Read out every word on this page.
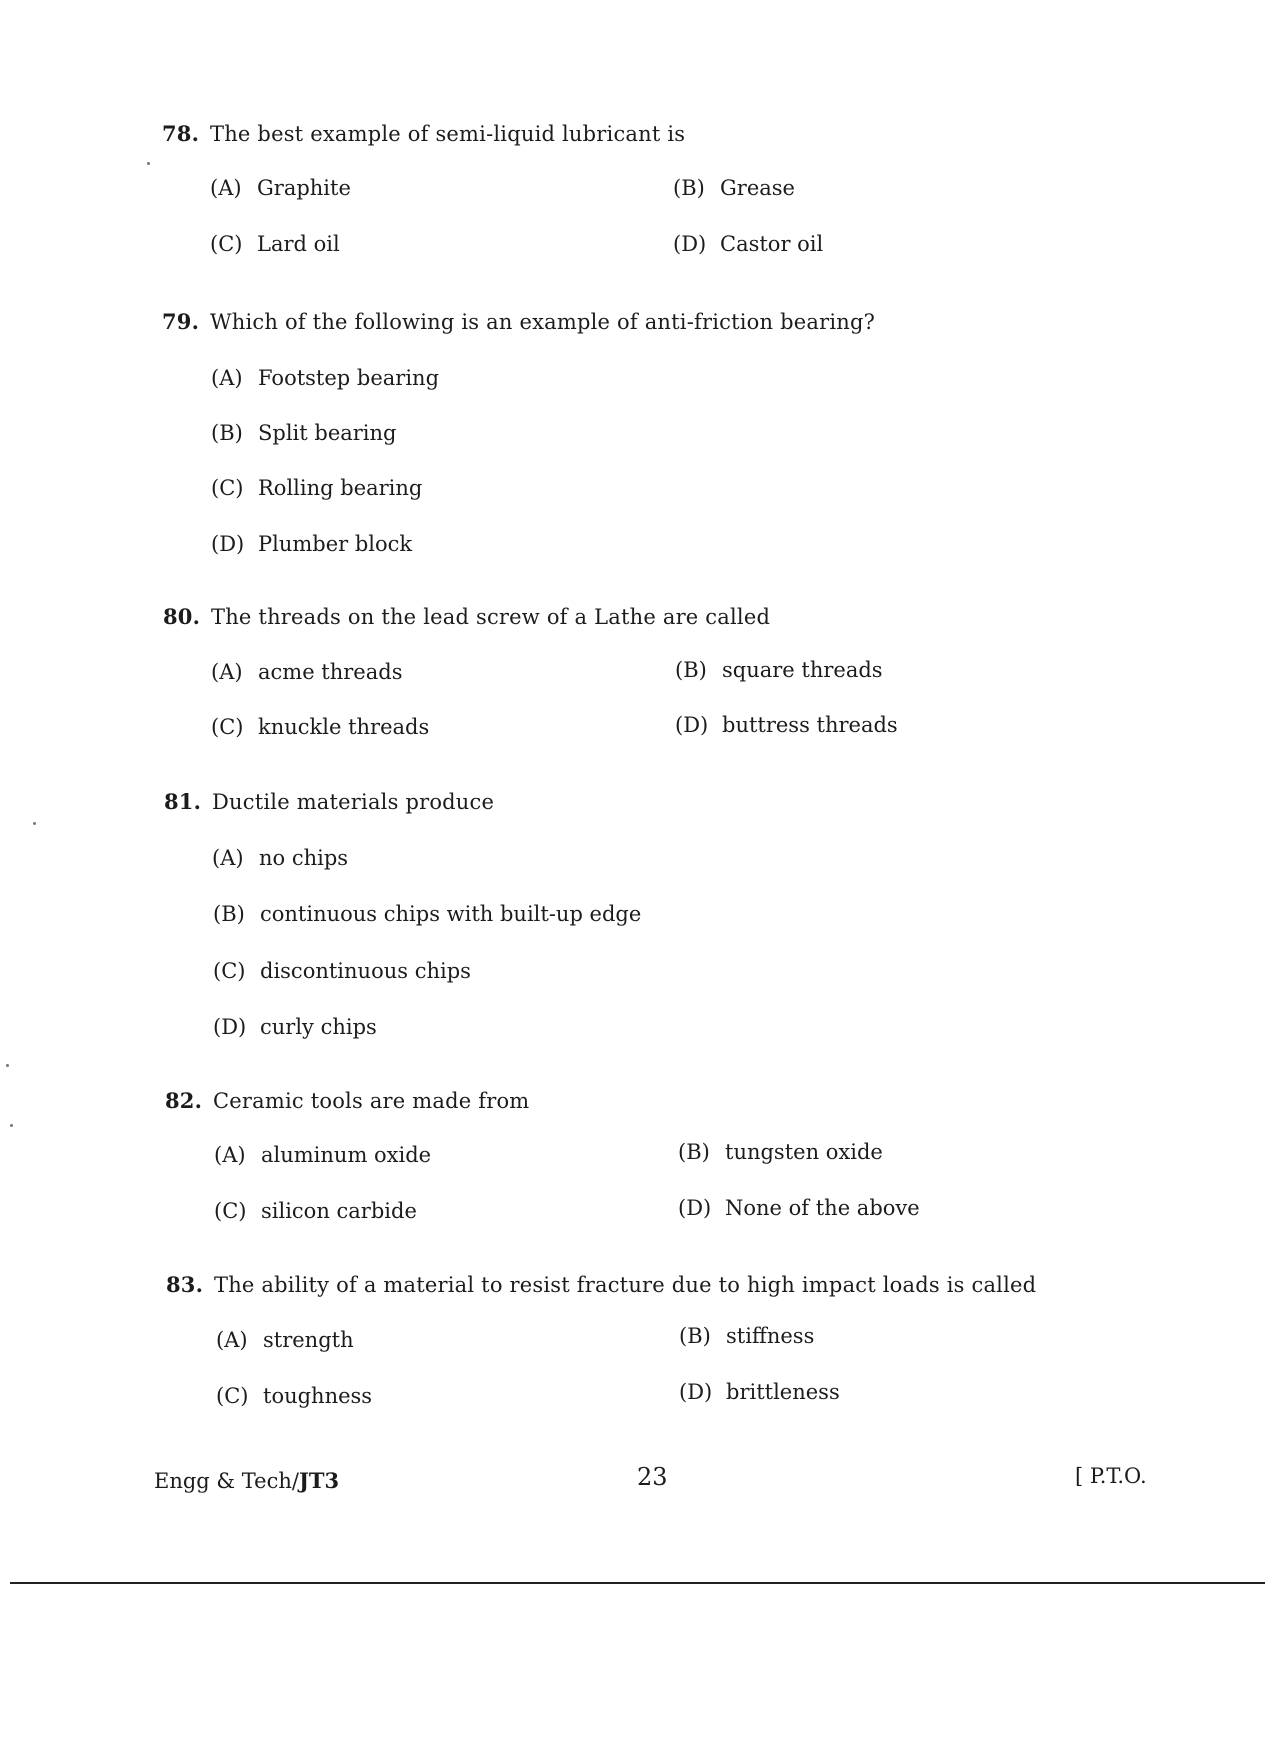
78. The best example of semi-liquid lubricant is
(A) Graphite	(B) Grease
(C) Lard oil	(D) Castor oil
79. Which of the following is an example of anti-friction bearing?
(A) Footstep bearing
(B) Split bearing
(C) Rolling bearing
(D) Plumber block
80. The threads on the lead screw of a Lathe are called
(A) acme threads	(B) square threads
(C) knuckle threads	(D) buttress threads
81. Ductile materials produce
(A) no chips
(B) continuous chips with built-up edge
(C) discontinuous chips
(D) curly chips
82. Ceramic tools are made from
(A) aluminum oxide	(B) tungsten oxide
(C) silicon carbide	(D) None of the above
83. The ability of a material to resist fracture due to high impact loads is called
(A) strength	(B) stiffness
(C) toughness	(D) brittleness
Engg & Tech/JT3	23	[ P.T.O.
